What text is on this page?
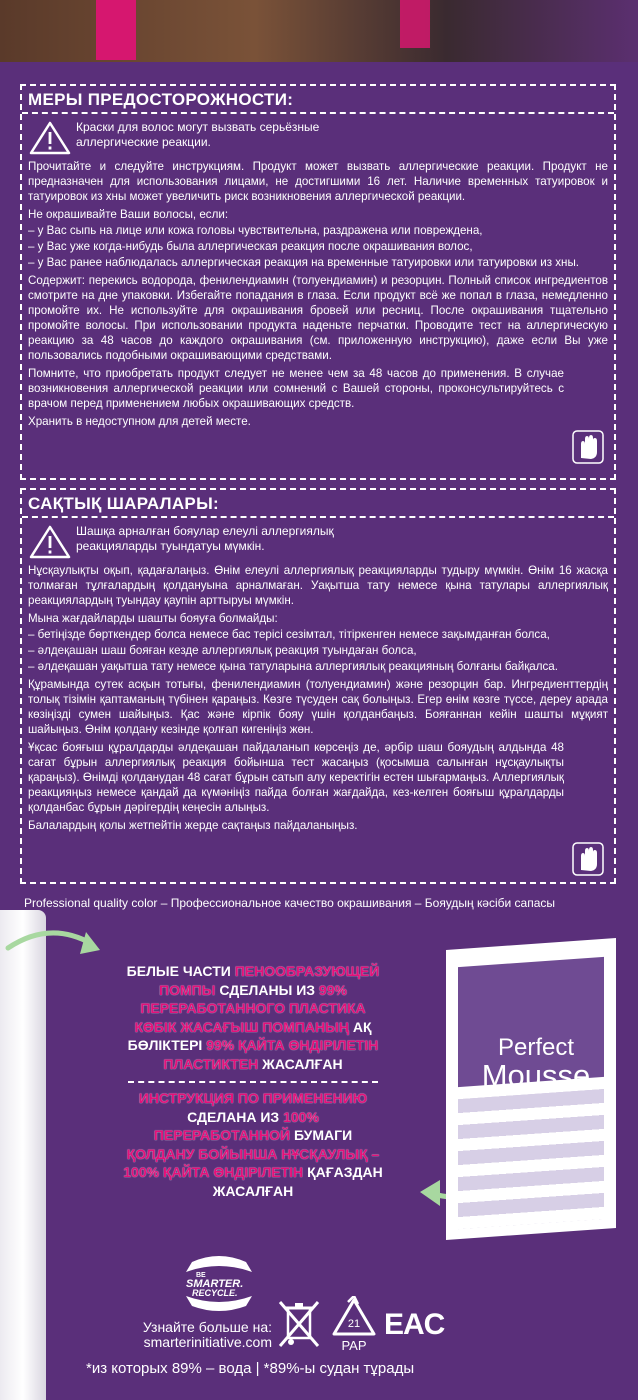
МЕРЫ ПРЕДОСТОРОЖНОСТИ:
Краски для волос могут вызвать серьёзные аллергические реакции.

Прочитайте и следуйте инструкциям. Продукт может вызвать аллергические реакции. Продукт не предназначен для использования лицами, не достигшими 16 лет. Наличие временных татуировок и татуировок из хны может увеличить риск возникновения аллергической реакции.

Не окрашивайте Ваши волосы, если:

– у Вас сыпь на лице или кожа головы чувствительна, раздражена или повреждена,

– у Вас уже когда-нибудь была аллергическая реакция после окрашивания волос,

– у Вас ранее наблюдалась аллергическая реакция на временные татуировки или татуировки из хны.

Содержит: перекись водорода, фенилендиамин (толуендиамин) и резорцин. Полный список ингредиентов смотрите на дне упаковки. Избегайте попадания в глаза. Если продукт всё же попал в глаза, немедленно промойте их. Не используйте для окрашивания бровей или ресниц. После окрашивания тщательно промойте волосы. При использовании продукта наденьте перчатки. Проводите тест на аллергическую реакцию за 48 часов до каждого окрашивания (см. приложенную инструкцию), даже если Вы уже пользовались подобными окрашивающими средствами.

Помните, что приобретать продукт следует не менее чем за 48 часов до применения. В случае возникновения аллергической реакции или сомнений с Вашей стороны, проконсультируйтесь с врачом перед применением любых окрашивающих средств.

Хранить в недоступном для детей месте.

САҚТЫҚ ШАРАЛАРЫ:
Шашқа арналған бояулар елеулі аллергиялық реакцияларды туындатуы мүмкін.

Нұсқаулықты оқып, қадағалаңыз. Өнім елеулі аллергиялық реакцияларды тудыру мүмкін. Өнім 16 жасқа толмаған тұлғалардың қолдануына арналмаған. Уақытша тату немесе қына татулары аллергиялық реакциялардың туындау қаупін арттыруы мүмкін.

Мына жағдайларды шашты бояуға болмайды:

– бетіңізде бөрткендер болса немесе бас терісі сезімтал, тітіркенген немесе зақымданған болса,

– әлдеқашан шаш бояған кезде аллергиялық реакция туындаған болса,

– әлдеқашан уақытша тату немесе қына татуларына аллергиялық реакцияның болғаны байқалса.

Құрамында сутек асқын тотығы, фенилендиамин (толуендиамин) және резорцин бар. Ингредиенттердің толық тізімін қаптаманың түбінен қараңыз. Көзге түсуден сақ болыңыз. Егер өнім көзге түссе, дереу арада көзіңізді сумен шайыңыз. Қас және кірпік бояу үшін қолданбаңыз. Бояғаннан кейін шашты мұқият шайыңыз. Өнім қолдану кезінде қолғап кигеніңіз жөн.

Ұқсас бояғыш құралдарды әлдеқашан пайдаланып көрсеңіз де, әрбір шаш бояудың алдында 48 сағат бұрын аллергиялық реакция бойынша тест жасаңыз (қосымша салынған нұсқаулықты қараңыз). Өнімді қолданудан 48 сағат бұрын сатып алу керектігін естен шығармаңыз. Аллергиялық реакцияңыз немесе қандай да күмәніңіз пайда болған жағдайда, кез-келген бояғыш құралдарды қолданбас бұрын дәрігердің кеңесін алыңыз.

Балалардың қолы жетпейтін жерде сақтаңыз пайдаланыңыз.

Professional quality color – Профессиональное качество окрашивания – Бояудың кәсіби сапасы
Perfect
Mousse
БЕЛЫЕ ЧАСТИ ПЕНООБРАЗУЮЩЕЙ
ПОМПЫ СДЕЛАНЫ ИЗ 99%
ПЕРЕРАБОТАННОГО ПЛАСТИКА
КӨБІК ЖАСАҒЫШ ПОМПАНЫҢ АҚ
БӨЛІКТЕРІ 99% ҚАЙТА ӨНДІРІЛЕТІН
ПЛАСТИКТЕН ЖАСАЛҒАН
ИНСТРУКЦИЯ ПО ПРИМЕНЕНИЮ
СДЕЛАНА ИЗ 100%
ПЕРЕРАБОТАННОЙ БУМАГИ
ҚОЛДАНУ БОЙЫНША НҰСҚАУЛЫҚ –
100% ҚАЙТА ӨНДІРІЛЕТІН ҚАҒАЗДАН
ЖАСАЛҒАН
BE
SMARTER.
RECYCLE.
Узнайте больше на:
smarterinitiative.com
21
PAP
EAC
*из которых 89% – вода | *89%-ы судан тұрады
